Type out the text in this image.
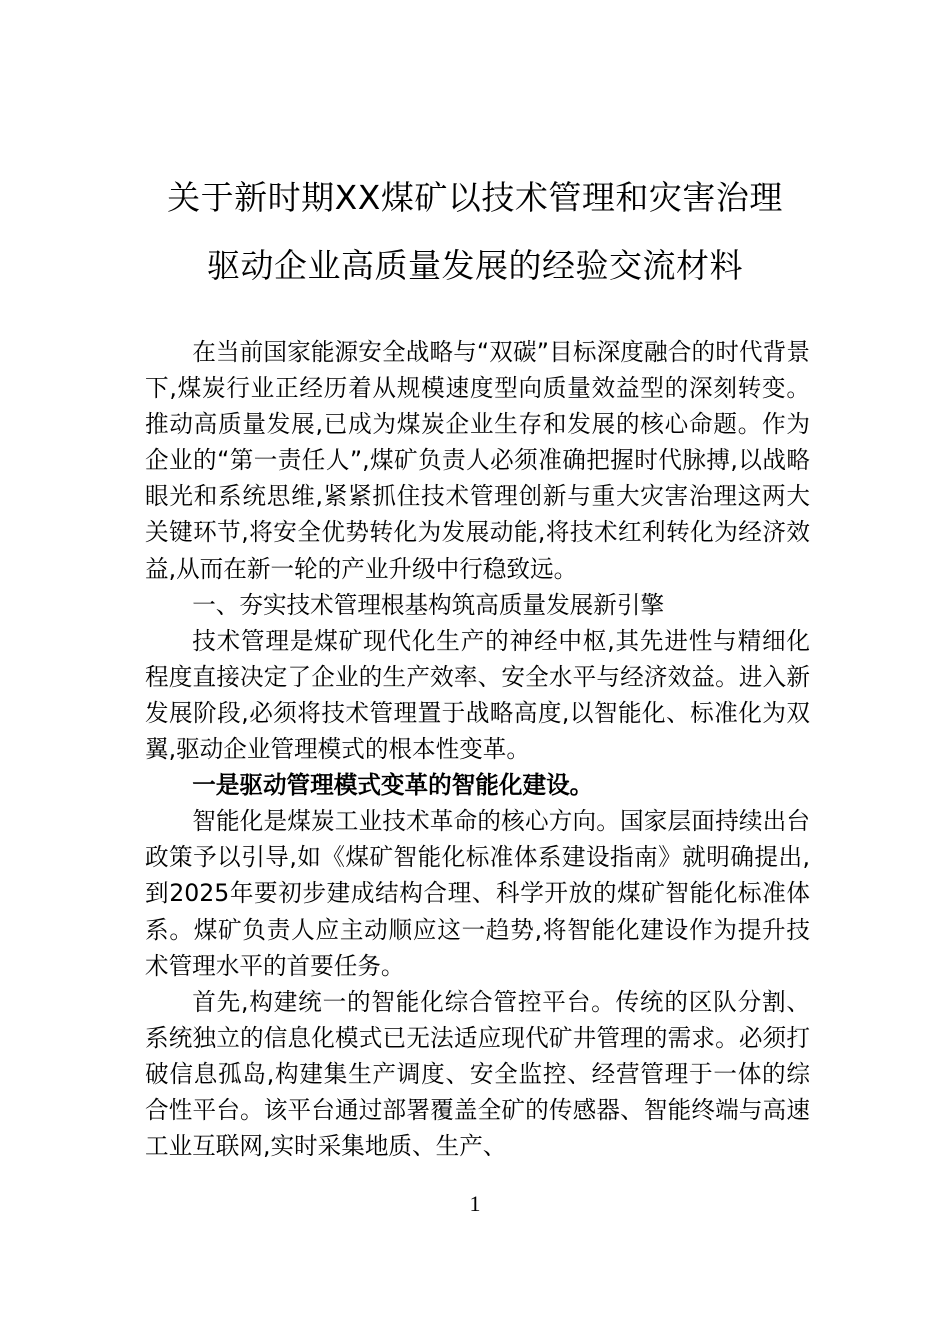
关于新时期XX煤矿以技术管理和灾害治理
驱动企业高质量发展的经验交流材料

在当前国家能源安全战略与“双碳”目标深度融合的时代背景下,煤炭行业正经历着从规模速度型向质量效益型的深刻转变。推动高质量发展,已成为煤炭企业生存和发展的核心命题。作为企业的“第一责任人”,煤矿负责人必须准确把握时代脉搏,以战略眼光和系统思维,紧紧抓住技术管理创新与重大灾害治理这两大关键环节,将安全优势转化为发展动能,将技术红利转化为经济效益,从而在新一轮的产业升级中行稳致远。

一、夯实技术管理根基构筑高质量发展新引擎

技术管理是煤矿现代化生产的神经中枢,其先进性与精细化程度直接决定了企业的生产效率、安全水平与经济效益。进入新发展阶段,必须将技术管理置于战略高度,以智能化、标准化为双翼,驱动企业管理模式的根本性变革。

一是驱动管理模式变革的智能化建设。

智能化是煤炭工业技术革命的核心方向。国家层面持续出台政策予以引导,如《煤矿智能化标准体系建设指南》就明确提出,到2025年要初步建成结构合理、科学开放的煤矿智能化标准体系。煤矿负责人应主动顺应这一趋势,将智能化建设作为提升技术管理水平的首要任务。

首先,构建统一的智能化综合管控平台。传统的区队分割、系统独立的信息化模式已无法适应现代矿井管理的需求。必须打破信息孤岛,构建集生产调度、安全监控、经营管理于一体的综合性平台。该平台通过部署覆盖全矿的传感器、智能终端与高速工业互联网,实时采集地质、生产、

1
